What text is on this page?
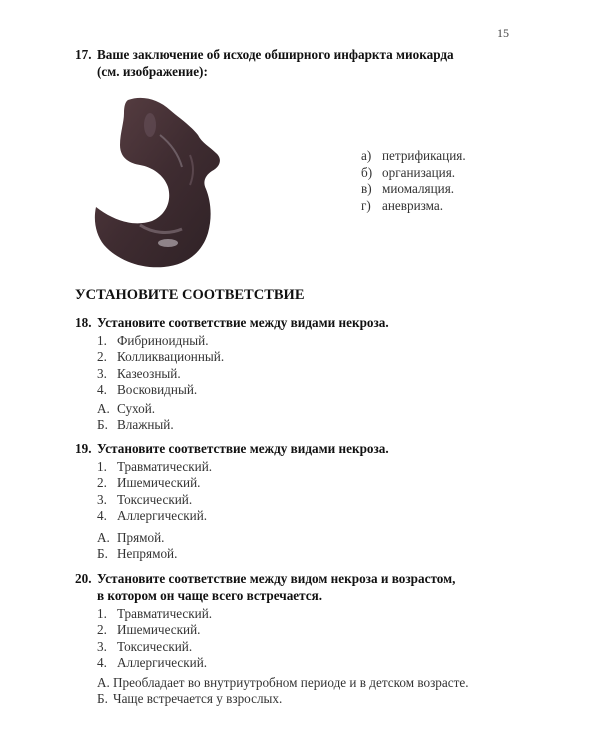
15
17. Ваше заключение об исходе обширного инфаркта миокарда
(см. изображение):
а) петрификация.
б) организация.
в) миомаляция.
г) аневризма.
УСТАНОВИТЕ СООТВЕТСТВИЕ
18. Установите соответствие между видами некроза.
1. Фибриноидный.
2. Колликвационный.
3. Казеозный.
4. Восковидный.
А. Сухой.
Б. Влажный.
19. Установите соответствие между видами некроза.
1. Травматический.
2. Ишемический.
3. Токсический.
4. Аллергический.
А. Прямой.
Б. Непрямой.
20. Установите соответствие между видом некроза и возрастом,
в котором он чаще всего встречается.
1. Травматический.
2. Ишемический.
3. Токсический.
4. Аллергический.
А. Преобладает во внутриутробном периоде и в детском возрасте.
Б. Чаще встречается у взрослых.
